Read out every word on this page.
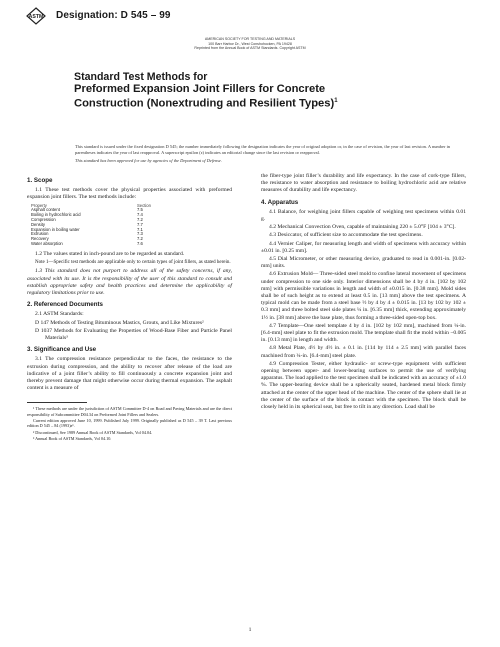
ASTM Designation: D 545 – 99
AMERICAN SOCIETY FOR TESTING AND MATERIALS
100 Barr Harbor Dr., West Conshohocken, PA 19428
Reprinted from the Annual Book of ASTM Standards. Copyright ASTM
Standard Test Methods for
Preformed Expansion Joint Fillers for Concrete
Construction (Nonextruding and Resilient Types)$^1$

This standard is issued under the fixed designation D 545; the number immediately following the designation indicates the year of original adoption or, in the case of revision, the year of last revision. A number in parentheses indicates the year of last reapproval. A superscript epsilon (ε) indicates an editorial change since the last revision or reapproval.

This standard has been approved for use by agencies of the Department of Defense.

1. Scope
1.1 These test methods cover the physical properties associated with preformed expansion joint fillers. The test methods include:
Property	Section
Asphalt content	7.5
Boiling in hydrochloric acid	7.4
Compression	7.2
Density	7.7
Expansion in boiling water	7.1
Extrusion	7.3
Recovery	7.2
Water absorption	7.6
1.2 The values stated in inch-pound are to be regarded as standard.
Note 1—Specific test methods are applicable only to certain types of joint fillers, as stated herein.
1.3 This standard does not purport to address all of the safety concerns, if any, associated with its use. It is the responsibility of the user of this standard to consult and establish appropriate safety and health practices and determine the applicability of regulatory limitations prior to use.
2. Referenced Documents
2.1 ASTM Standards:
D 147 Methods of Testing Bituminous Mastics, Grouts, and Like Mixtures²
D 1037 Methods for Evaluating the Properties of Wood-Base Fiber and Particle Panel Materials³
3. Significance and Use
3.1 The compression resistance perpendicular to the faces, the resistance to the extrusion during compression, and the ability to recover after release of the load are indicative of a joint filler’s ability to fill continuously a concrete expansion joint and thereby prevent damage that might otherwise occur during thermal expansion. The asphalt content is a measure of
¹ These methods are under the jurisdiction of ASTM Committee D-4 on Road and Paving Materials and are the direct responsibility of Subcommittee D04.34 on Preformed Joint Fillers and Sealers.
Current edition approved June 10, 1999. Published July 1999. Originally published as D 545 – 39 T. Last previous edition D 545 – 84 (1993)ε¹.
² Discontinued, See 1989 Annual Book of ASTM Standards, Vol 04.04.
³ Annual Book of ASTM Standards, Vol 04.10.
the fiber-type joint filler’s durability and life expectancy. In the case of cork-type fillers, the resistance to water absorption and resistance to boiling hydrochloric acid are relative measures of durability and life expectancy.
4. Apparatus
4.1 Balance, for weighing joint fillers capable of weighing test specimens within 0.01 g.
4.2 Mechanical Convection Oven, capable of maintaining 220 ± 5.0°F [104 ± 3°C].
4.3 Desiccator, of sufficient size to accommodate the test specimens.
4.4 Vernier Caliper, for measuring length and width of specimens with accuracy within ±0.01 in. [0.25 mm].
4.5 Dial Micrometer, or other measuring device, graduated to read in 0.001-in. [0.02-mm] units.
4.6 Extrusion Mold— Three-sided steel mold to confine lateral movement of specimens under compression to one side only. Interior dimensions shall be 4 by 4 in. [102 by 102 mm] with permissible variations in length and width of ±0.015 in. [0.38 mm]. Mold sides shall be of such height as to extend at least 0.5 in. [13 mm] above the test specimens. A typical mold can be made from a steel base ½ by 4 by 4 ± 0.015 in. [13 by 102 by 102 ± 0.3 mm] and three bolted steel side plates ¼ in. [6.35 mm] thick, extending approximately 1½ in. [38 mm] above the base plate, thus forming a three-sided open-top box.
4.7 Template—One steel template 4 by 4 in. [102 by 102 mm], machined from ¼-in. [6.4-mm] steel plate to fit the extrusion mold. The template shall fit the mold within −0.005 in. [0.13 mm] in length and width.
4.8 Metal Plate, 4½ by 4½ in. ± 0.1 in. [114 by 114 ± 2.5 mm] with parallel faces machined from ¼-in. [6.4-mm] steel plate.
4.9 Compression Tester, either hydraulic- or screw-type equipment with sufficient opening between upper- and lower-bearing surfaces to permit the use of verifying apparatus. The load applied to the test specimen shall be indicated with an accuracy of ±1.0 %. The upper-bearing device shall be a spherically seated, hardened metal block firmly attached at the center of the upper head of the machine. The center of the sphere shall lie at the center of the surface of the block in contact with the specimen. The block shall be closely held in its spherical seat, but free to tilt in any direction. Load shall be
1
